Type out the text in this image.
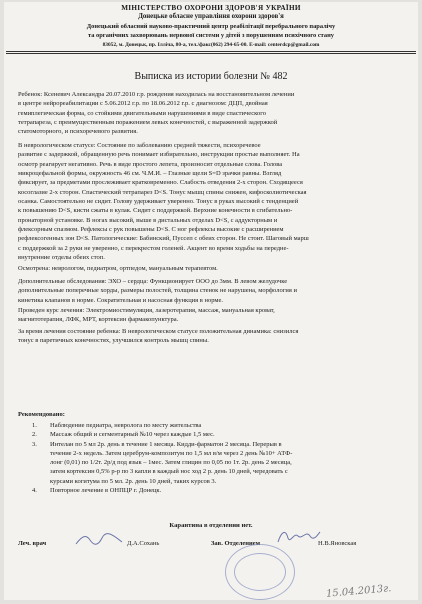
МІНІСТЕРСТВО ОХОРОНИ ЗДОРОВ'Я УКРАЇНИ
Донецьке обласне управління охорони здоров'я
Донецький обласний науково-практичний центр реабілітації перебрального паралічу
та органічних захворювань нервової системи у дітей з порушенням психічного стану
83052, м. Донецьк, пр. Ілліча, 80-а, тел./факс(062) 294-65-00. E-mail: centerdcp@gmail.com
Выписка из истории болезни № 482
Ребенок: Ксеневич Александра 20.07.2010 г.р. рождения находилась на восстановительном лечении
в центре нейрореабилитации с 5.06.2012 г.р. по 18.06.2012 г.р. с диагнозом: ДЦП, двойная
гемиплегическая форма, со стойкими двигательными нарушениями в виде спастического
тетрапареза, с преимущественным поражением левых конечностей, с выраженной задержкой
статомоторного, и психоречевого развития.
В неврологическом статусе: Состояние по заболеванию средней тяжести, психоречевое
развитие с задержкой, обращенную речь понимает избирательно, инструкции простые выполняет. На
осмотр реагирует негативно. Речь в виде простого лепета, произносит отдельные слова. Голова
микроцефальной формы, окружность 46 см. Ч.М.И. – Глазные щели S=D зрачки равны. Взгляд
фиксирует, за предметами прослеживает кратковременно. Слабость отведения 2-х сторон. Сходящееся
косоглазие 2-х сторон. Спастический тетрапарез D<S. Тонус мышц спины снижен, кифосколиотическая
осанка. Самостоятельно не сидит. Голову удерживает уверенно. Тонус в руках высокий с тенденцией
к повышению D<S, кисти сжаты в кулак. Сидит с поддержкой. Верхние конечности в сгибательно-
пронаторной установке. В ногах высокий, выше в дистальных отделах D<S, с аддукторным и
флексорным спазмом. Рефлексы с рук повышены D<S. С ног рефлексы высокие с расширением
рефлексогенных зон D<S. Патологические: Бабинский, Пуссеп с обеих сторон. Не стоит. Шаговый марш
с поддержкой за 2 руки не уверенно, с перекрестом голеней. Акцент во время ходьбы на передне-
внутренние отделы обеих стоп.
Осмотрена: неврологом, педиатром, ортпедом, мануальным терапевтом.
Дополнительные обследования: ЭХО – сердца: Функционирует ООО до 3мм. В левом желудочке
дополнительные поперечные хорды, размеры полостей, толщина стенок не нарушена, морфология и
кинетика клапанов в норме. Сократительная и насосная функция в норме.
Проведен курс лечения: Электромиостимуляция, лазеротерапия, массаж, мануальная кроват,
магнитотерапия, ЛФК, МРТ, кортексин фармакопунктура.
За время лечения состояние ребенка: В неврологическом статусе положительная динамика: снизился
тонус в паретичных конечностях, улучшился контроль мышц спины.
Рекомендовано:
1.	Наблюдение педиатра, невролога по месту жительства
2.	Массаж общий и сегментарный №10 через каждые 1,5 мес.
3.	Интелан по 5 мл 2р. день в течение 1 месяца. Кидди-фарматон 2 месяца. Перерыв в
течение 2-х недель. Затем церебрум-композитум по 1,5 мл в/м через 2 день №10+ АТФ-
лонг (0,01) по 1/2т. 2р/д под язык – 1мес. Затем глицин по 0,05 по 1т. 2р. день 2 месяца,
затем кортексин 0,5% р-р по 3 капли в каждый нос ход 2 р. день 10 дней, чередовать с
курсами когитума по 5 мл. 2р. день 10 дней, таких курсов 3.
4.	Повторное лечение в ОНПЦР г. Донецк.
Карантина в отделении нет.
Леч. врач	Д.А.Сохань	Зав. Отделением	Н.В.Яновская
15.04.2013г.
